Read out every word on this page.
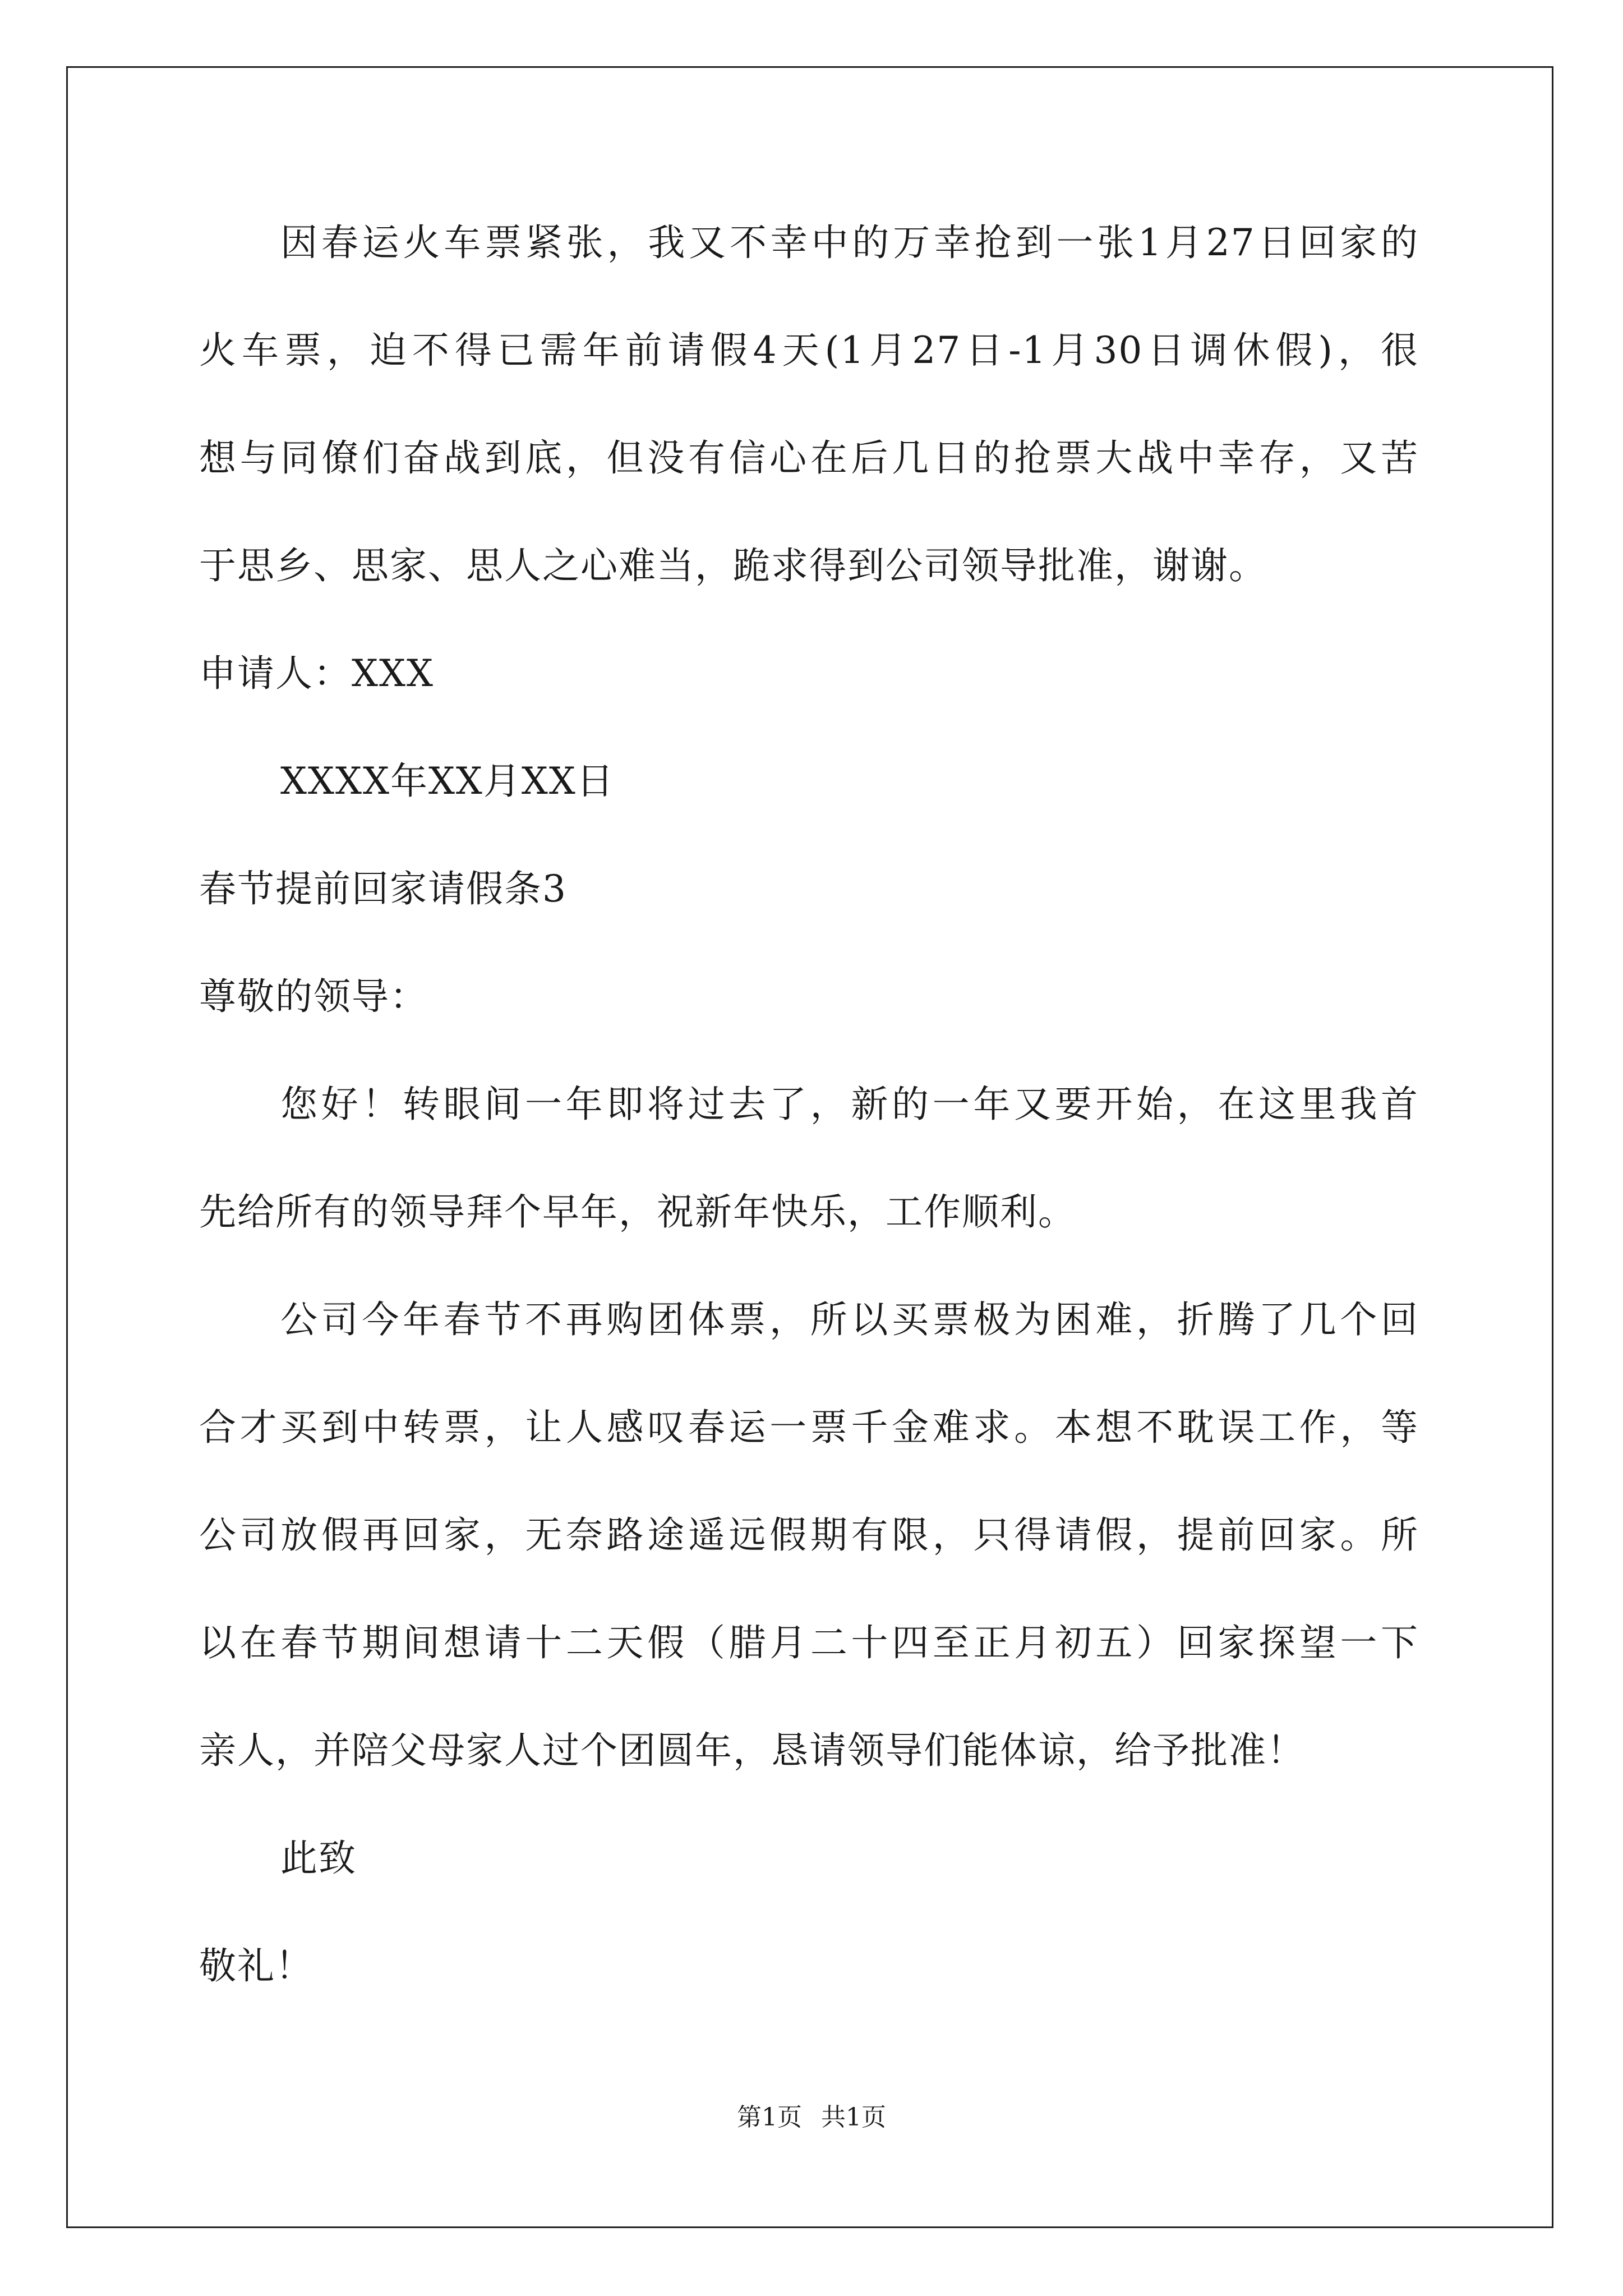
因春运火车票紧张，我又不幸中的万幸抢到一张1月27日回家的
火车票，迫不得已需年前请假4天(1月27日-1月30日调休假)，很
想与同僚们奋战到底，但没有信心在后几日的抢票大战中幸存，又苦
于思乡、思家、思人之心难当，跪求得到公司领导批准，谢谢。
申请人：XXX
XXXX年XX月XX日
春节提前回家请假条3
尊敬的领导：
您好！转眼间一年即将过去了，新的一年又要开始，在这里我首
先给所有的领导拜个早年，祝新年快乐，工作顺利。
公司今年春节不再购团体票，所以买票极为困难，折腾了几个回
合才买到中转票，让人感叹春运一票千金难求。本想不耽误工作，等
公司放假再回家，无奈路途遥远假期有限，只得请假，提前回家。所
以在春节期间想请十二天假（腊月二十四至正月初五）回家探望一下
亲人，并陪父母家人过个团圆年，恳请领导们能体谅，给予批准！
此致
敬礼！
第1页 共1页
